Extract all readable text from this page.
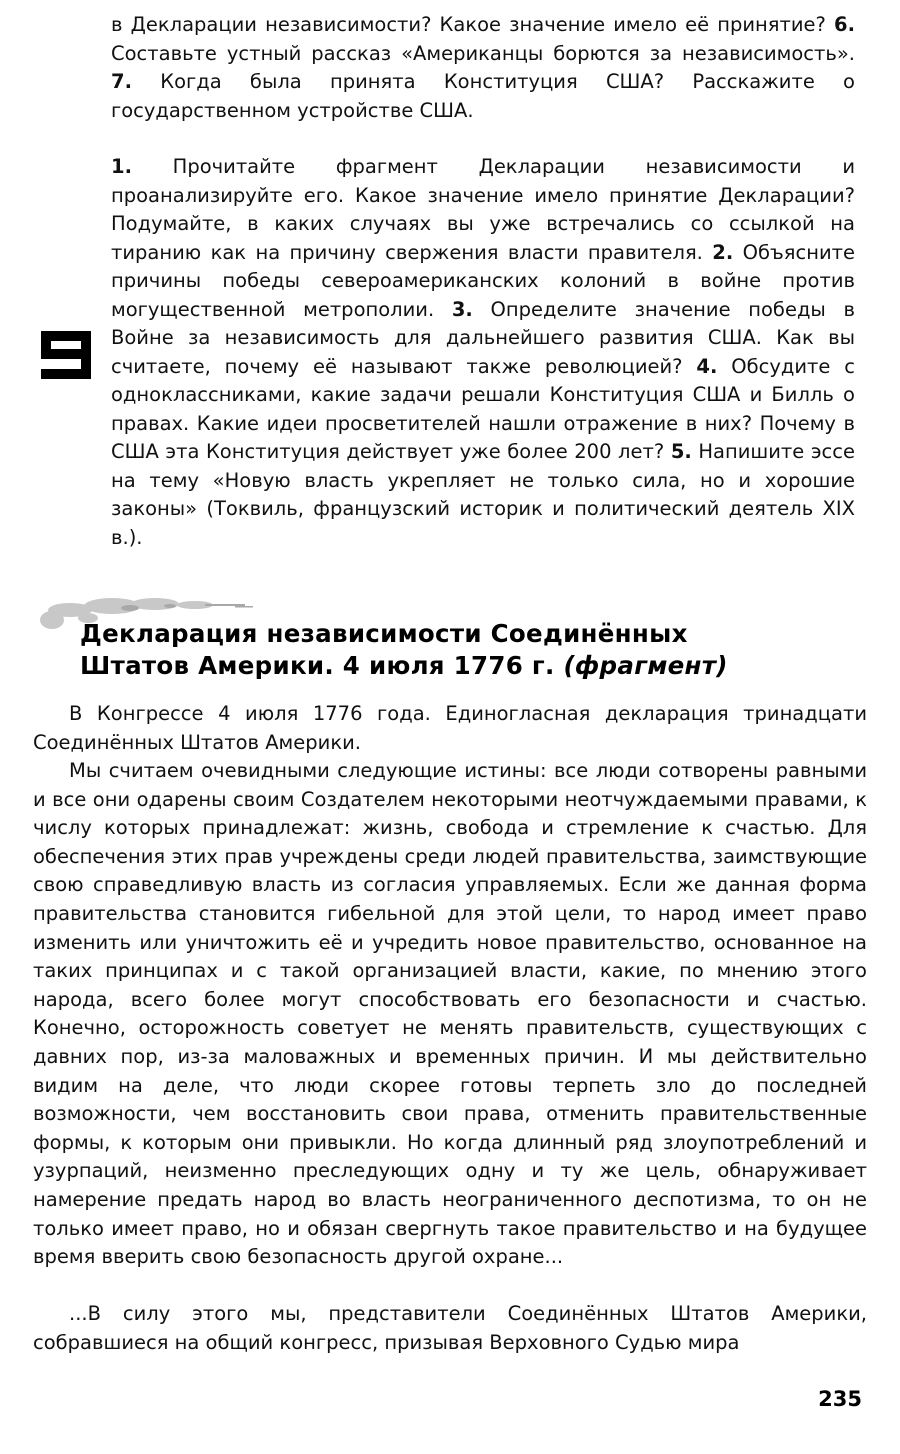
в Декларации независимости? Какое значение имело её принятие? 6. Составьте устный рассказ «Американцы борются за независимость». 7. Когда была принята Конституция США? Расскажите о государственном устройстве США.

1. Прочитайте фрагмент Декларации независимости и проанализируйте его. Какое значение имело принятие Декларации? Подумайте, в каких случаях вы уже встречались со ссылкой на тиранию как на причину свержения власти правителя. 2. Объясните причины победы североамериканских колоний в войне против могущественной метрополии. 3. Определите значение победы в Войне за независимость для дальнейшего развития США. Как вы считаете, почему её называют также революцией? 4. Обсудите с одноклассниками, какие задачи решали Конституция США и Билль о правах. Какие идеи просветителей нашли отражение в них? Почему в США эта Конституция действует уже более 200 лет? 5. Напишите эссе на тему «Новую власть укрепляет не только сила, но и хорошие законы» (Токвиль, французский историк и политический деятель XIX в.).

Декларация независимости Соединённых
Штатов Америки. 4 июля 1776 г. (фрагмент)

В Конгрессе 4 июля 1776 года. Единогласная декларация тринадцати Соединённых Штатов Америки.

Мы считаем очевидными следующие истины: все люди сотворены равными и все они одарены своим Создателем некоторыми неотчуждаемыми правами, к числу которых принадлежат: жизнь, свобода и стремление к счастью. Для обеспечения этих прав учреждены среди людей правительства, заимствующие свою справедливую власть из согласия управляемых. Если же данная форма правительства становится гибельной для этой цели, то народ имеет право изменить или уничтожить её и учредить новое правительство, основанное на таких принципах и с такой организацией власти, какие, по мнению этого народа, всего более могут способствовать его безопасности и счастью. Конечно, осторожность советует не менять правительств, существующих с давних пор, из-за маловажных и временных причин. И мы действительно видим на деле, что люди скорее готовы терпеть зло до последней возможности, чем восстановить свои права, отменить правительственные формы, к которым они привыкли. Но когда длинный ряд злоупотреблений и узурпаций, неизменно преследующих одну и ту же цель, обнаруживает намерение предать народ во власть неограниченного деспотизма, то он не только имеет право, но и обязан свергнуть такое правительство и на будущее время вверить свою безопасность другой охране...

...В силу этого мы, представители Соединённых Штатов Америки, собравшиеся на общий конгресс, призывая Верховного Судью мира

235
